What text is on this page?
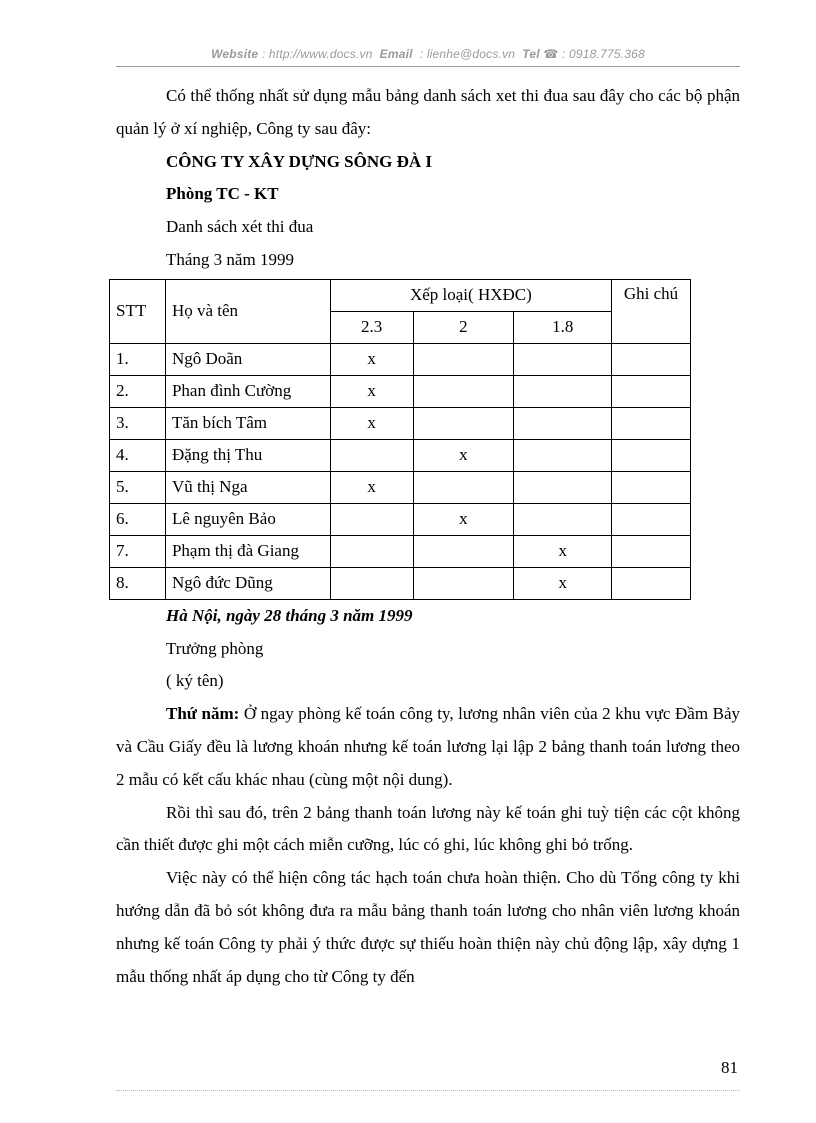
Website : http://www.docs.vn Email : lienhe@docs.vn Tel ☎ : 0918.775.368

Có thể thống nhất sử dụng mẫu bảng danh sách xet thi đua sau đây cho các bộ phận quản lý ở xí nghiệp, Công ty sau đây:

CÔNG TY XÂY DỰNG SÔNG ĐÀ I

Phòng TC - KT

Danh sách xét thi đua

Tháng 3 năm 1999

STT	Họ và tên	Xếp loại( HXĐC)			Ghi chú
		2.3	2	1.8	
1.	Ngô Doãn	x			
2.	Phan đình Cường	x			
3.	Tăn bích Tâm	x			
4.	Đặng thị Thu		x		
5.	Vũ thị Nga	x			
6.	Lê nguyên Bảo		x		
7.	Phạm thị đà Giang			x	
8.	Ngô đức Dũng			x	

Hà Nội, ngày 28 tháng 3 năm 1999

Trưởng phòng

( ký tên)

Thứ năm: Ở ngay phòng kế toán công ty, lương nhân viên của 2 khu vực Đầm Bảy và Cầu Giấy đều là lương khoán nhưng kế toán lương lại lập 2 bảng thanh toán lương theo 2 mẫu có kết cấu khác nhau (cùng một nội dung).

Rồi thì sau đó, trên 2 bảng thanh toán lương này kế toán ghi tuỳ tiện các cột không cần thiết được ghi một cách miễn cưỡng, lúc có ghi, lúc không ghi bỏ trống.

Việc này có thể hiện công tác hạch toán chưa hoàn thiện. Cho dù Tổng công ty khi hướng dẫn đã bỏ sót không đưa ra mẫu bảng thanh toán lương cho nhân viên lương khoán nhưng kế toán Công ty phải ý thức được sự thiếu hoàn thiện này chủ động lập, xây dựng 1 mẫu thống nhất áp dụng cho từ Công ty đến

81
